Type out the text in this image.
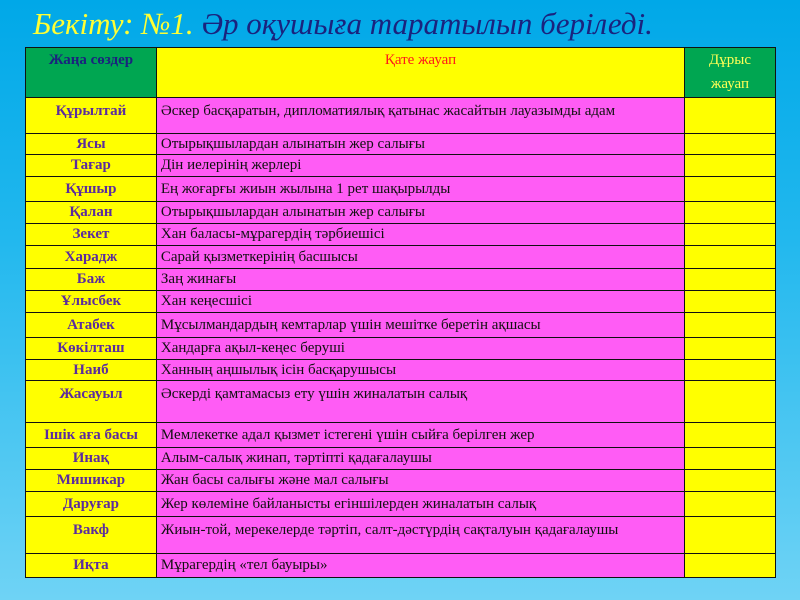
Бекіту: №1. Әр оқушыға таратылып беріледі.
Жаңа сөздер	Қате жауап	Дұрыс жауап
Құрылтай	Әскер басқаратын, дипломатиялық қатынас жасайтын лауазымды адам	
Ясы	Отырықшылардан алынатын жер салығы	
Тағар	Дін иелерінің жерлері	
Құшыр	Ең жоғарғы жиын жылына 1 рет шақырылды	
Қалан	Отырықшылардан алынатын жер салығы	
Зекет	Хан баласы-мұрагердің тәрбиешісі	
Харадж	Сарай қызметкерінің басшысы	
Баж	Заң жинағы	
Ұлысбек	Хан кеңесшісі	
Атабек	Мұсылмандардың кемтарлар үшін мешітке беретін ақшасы	
Көкілташ	Хандарға ақыл-кеңес беруші	
Наиб	Ханның аңшылық ісін басқарушысы	
Жасауыл	Әскерді қамтамасыз ету үшін жиналатын салық	
Ішік аға басы	Мемлекетке адал қызмет істегені үшін сыйға берілген жер	
Инақ	Алым-салық жинап, тәртіпті қадағалаушы	
Мишикар	Жан басы салығы және мал салығы	
Даруғар	Жер көлеміне байланысты егіншілерден жиналатын салық	
Вакф	Жиын-той, мерекелерде тәртіп, салт-дәстүрдің сақталуын қадағалаушы	
Иқта	Мұрагердің «тел бауыры»	
